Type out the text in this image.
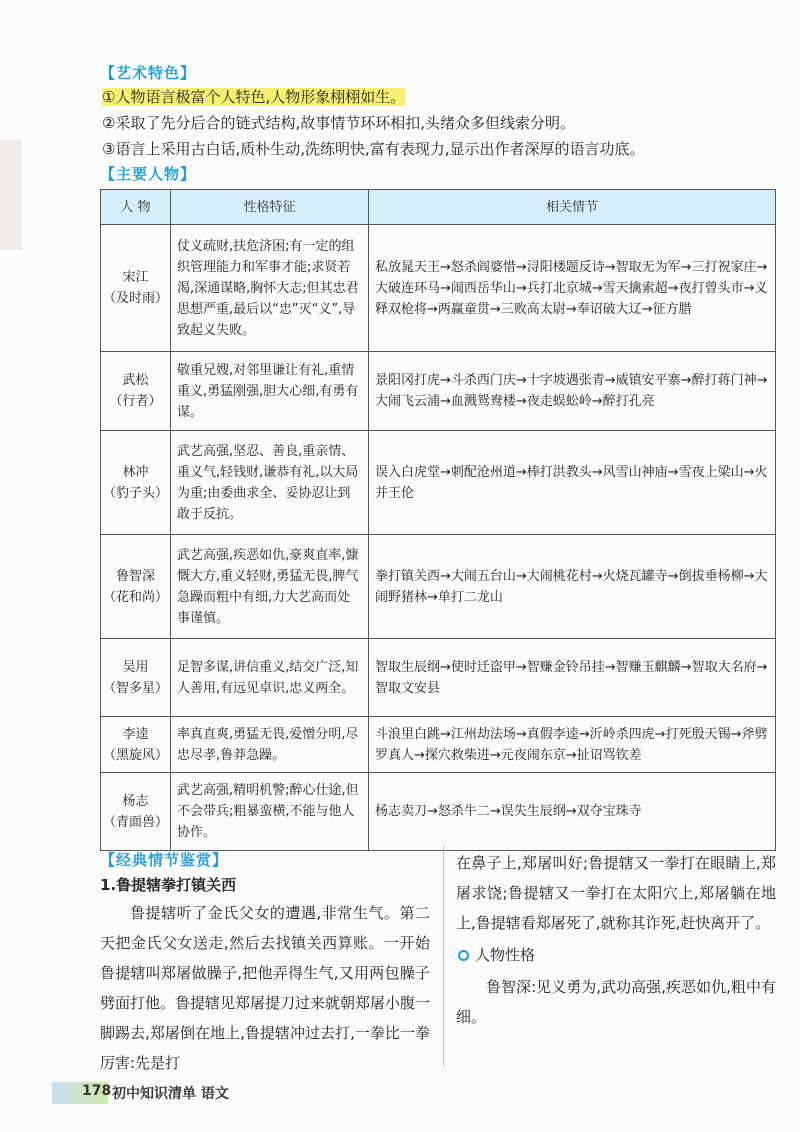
【艺术特色】
①人物语言极富个人特色,人物形象栩栩如生。
②采取了先分后合的链式结构,故事情节环环相扣,头绪众多但线索分明。
③语言上采用古白话,质朴生动,洗练明快,富有表现力,显示出作者深厚的语言功底。
【主要人物】
人 物	性格特征	相关情节

宋江
（及时雨）	仗义疏财,扶危济困;有一定的组织管理能力和军事才能;求贤若渴,深通谋略,胸怀大志;但其忠君思想严重,最后以“忠”灭“义”,导致起义失败。	私放晁天王→怒杀阎婆惜→浔阳楼题反诗→智取无为军→三打祝家庄→大破连环马→闹西岳华山→兵打北京城→雪天擒索超→夜打曾头市→义释双枪将→两赢童贯→三败高太尉→奉诏破大辽→征方腊

武松
（行者）	敬重兄嫂,对邻里谦让有礼,重情重义,勇猛刚强,胆大心细,有勇有谋。	景阳冈打虎→斗杀西门庆→十字坡遇张青→威镇安平寨→醉打蒋门神→大闹飞云浦→血溅鸳鸯楼→夜走蜈蚣岭→醉打孔亮

林冲
（豹子头）	武艺高强,坚忍、善良,重亲情、重义气,轻钱财,谦恭有礼,以大局为重;由委曲求全、妥协忍让到敢于反抗。	误入白虎堂→刺配沧州道→棒打洪教头→风雪山神庙→雪夜上梁山→火并王伦

鲁智深
（花和尚）	武艺高强,疾恶如仇,豪爽直率,慷慨大方,重义轻财,勇猛无畏,脾气急躁而粗中有细,力大艺高而处事谨慎。	拳打镇关西→大闹五台山→大闹桃花村→火烧瓦罐寺→倒拔垂杨柳→大闹野猪林→单打二龙山

吴用
（智多星）	足智多谋,讲信重义,结交广泛,知人善用,有远见卓识,忠义两全。	智取生辰纲→使时迁盗甲→智赚金铃吊挂→智赚玉麒麟→智取大名府→智取文安县

李逵
（黑旋风）	率真直爽,勇猛无畏,爱憎分明,尽忠尽孝,鲁莽急躁。	斗浪里白跳→江州劫法场→真假李逵→沂岭杀四虎→打死殷天锡→斧劈罗真人→探穴救柴进→元夜闹东京→扯诏骂钦差

杨志
（青面兽）	武艺高强,精明机警;醉心仕途,但不会带兵;粗暴蛮横,不能与他人协作。	杨志卖刀→怒杀牛二→误失生辰纲→双夺宝珠寺
【经典情节鉴赏】

1.鲁提辖拳打镇关西

鲁提辖听了金氏父女的遭遇,非常生气。第二天把金氏父女送走,然后去找镇关西算账。一开始鲁提辖叫郑屠做臊子,把他弄得生气,又用两包臊子劈面打他。鲁提辖见郑屠提刀过来就朝郑屠小腹一脚踢去,郑屠倒在地上,鲁提辖冲过去打,一拳比一拳厉害:先是打

在鼻子上,郑屠叫好;鲁提辖又一拳打在眼睛上,郑屠求饶;鲁提辖又一拳打在太阳穴上,郑屠躺在地上,鲁提辖看郑屠死了,就称其诈死,赶快离开了。

人物性格

鲁智深:见义勇为,武功高强,疾恶如仇,粗中有细。

178 初中知识清单 语文
